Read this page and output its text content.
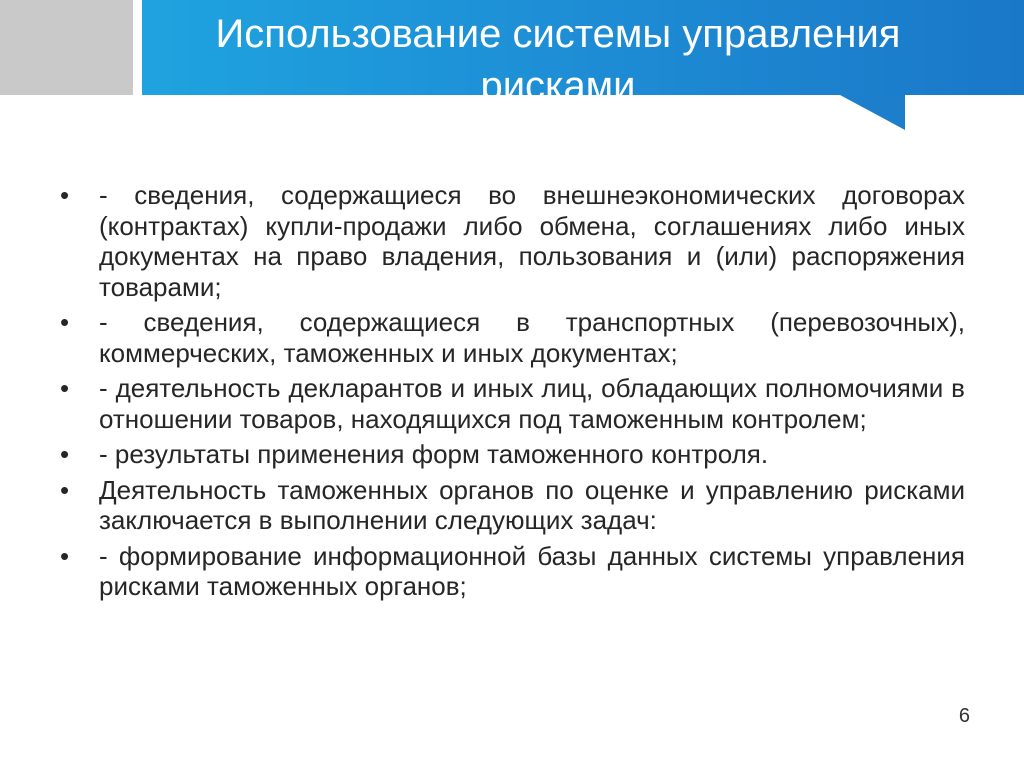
Использование системы управления рисками
•	- сведения, содержащиеся во внешнеэкономических договорах (контрактах) купли-продажи либо обмена, соглашениях либо иных документах на право владения, пользования и (или) распоряжения товарами;
•	- сведения, содержащиеся в транспортных (перевозочных), коммерческих, таможенных и иных документах;
•	- деятельность декларантов и иных лиц, обладающих полномочиями в отношении товаров, находящихся под таможенным контролем;
•	- результаты применения форм таможенного контроля.
•	Деятельность таможенных органов по оценке и управлению рисками заключается в выполнении следующих задач:
•	- формирование информационной базы данных системы управления рисками таможенных органов;
6
